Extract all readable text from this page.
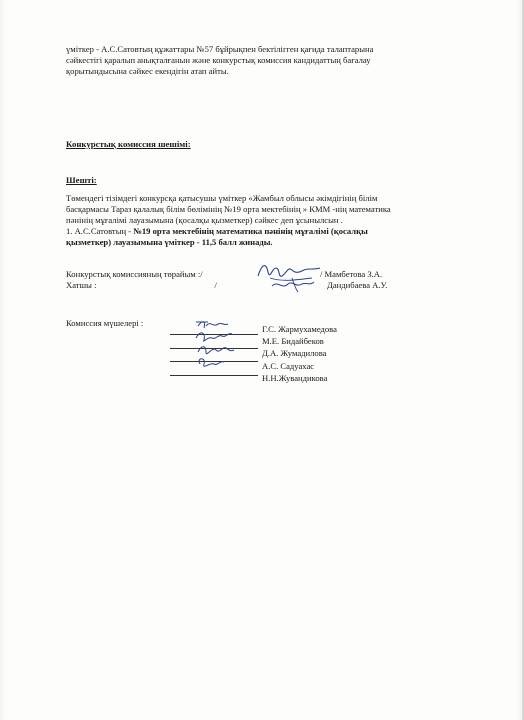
үміткер - А.С.Сатовтың құжаттары №57 бұйрықпен бектілігген қағида талаптарына
сәйкестігі қаралып анықталғанын және конкурстық комиссия кандидаттың бағалау
қорытындысына сәйкес екендігін атап айты.
Конкурстық комиссия шешімі:
Шешті:
Төмендегі тізімдегі конкурсқа қатысушы үміткер «Жамбыл облысы әкімдігінің білім
басқармасы Тараз қалалық білім бөлімінің №19 орта мектебінің » КММ -нің математика
пәнінің мұғалімі лауазымына (қосалқы қызметкер) сәйкес деп ұсынылсын .
1. А.С.Сатовтың - №19 орта мектебінің математика пәнінің мұғалімі (қосалқы
қызметкер) лауазымына үміткер - 11,5 балл жинады.
Конкурстық комиссияның төрайым :/
Хатшы :	/
/ Мамбетова З.А.
Дандибаева А.У.
Комиссия мүшелері :
Г.С. Жармухамедова
М.Е. Бидайбеков
Д.А. Жумадилова
А.С. Садуахас
Н.Н.Жувандикова
